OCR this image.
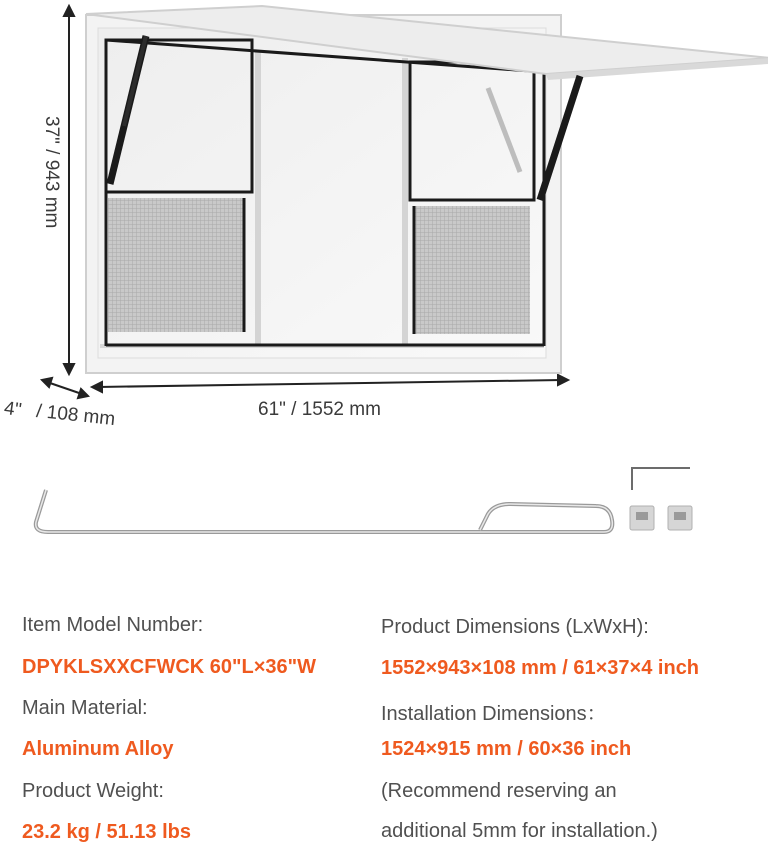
37" / 943 mm
4" / 108 mm	61" / 1552 mm
Item Model Number:
DPYKLSXXCFWCK 60"L×36"W
Main Material:
Aluminum Alloy
Product Weight:
23.2 kg / 51.13 lbs
Product Dimensions (LxWxH):
1552×943×108 mm / 61×37×4 inch
Installation Dimensions：
1524×915 mm / 60×36 inch
(Recommend reserving an
additional 5mm for installation.)
